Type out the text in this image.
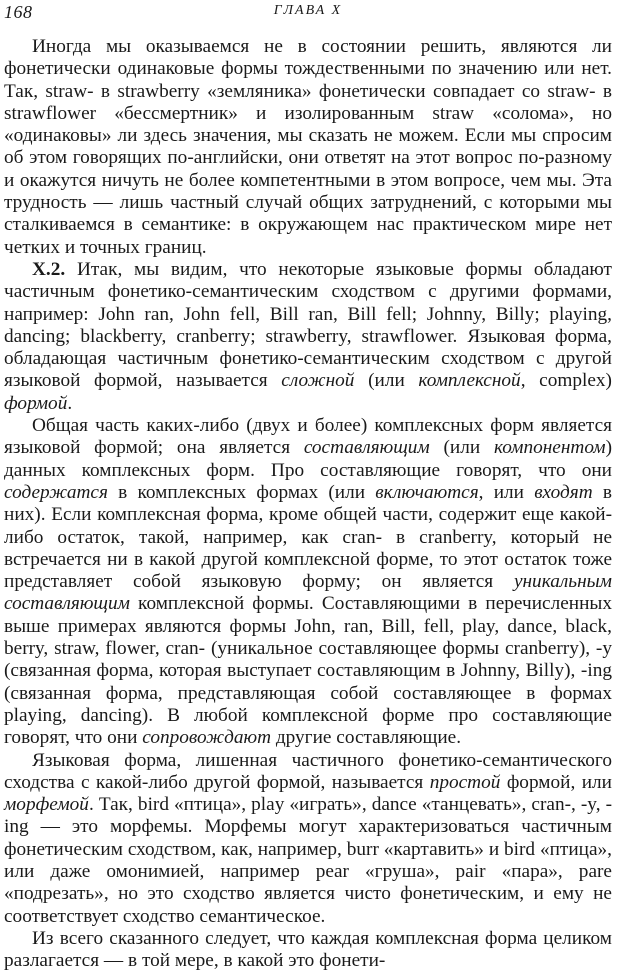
168	ГЛАВА X

Иногда мы оказываемся не в состоянии решить, являются ли фонетически одинаковые формы тождественными по значению или нет. Так, straw- в strawberry «земляника» фонетически совпадает со straw- в strawflower «бессмертник» и изолированным straw «солома», но «одинаковы» ли здесь значения, мы сказать не можем. Если мы спросим об этом говорящих по-английски, они ответят на этот вопрос по-разному и окажутся ничуть не более компетентными в этом вопросе, чем мы. Эта трудность — лишь частный случай общих затруднений, с которыми мы сталкиваемся в семантике: в окружающем нас практическом мире нет четких и точных границ.

X.2. Итак, мы видим, что некоторые языковые формы обладают частичным фонетико-семантическим сходством с другими формами, например: John ran, John fell, Bill ran, Bill fell; Johnny, Billy; playing, dancing; blackberry, cranberry; strawberry, strawflower. Языковая форма, обладающая частичным фонетико-семантическим сходством с другой языковой формой, называется сложной (или комплексной, complex) формой.

Общая часть каких-либо (двух и более) комплексных форм является языковой формой; она является составляющим (или компонентом) данных комплексных форм. Про составляющие говорят, что они содержатся в комплексных формах (или включаются, или входят в них). Если комплексная форма, кроме общей части, содержит еще какой-либо остаток, такой, например, как cran- в cranberry, который не встречается ни в какой другой комплексной форме, то этот остаток тоже представляет собой языковую форму; он является уникальным составляющим комплексной формы. Составляющими в перечисленных выше примерах являются формы John, ran, Bill, fell, play, dance, black, berry, straw, flower, cran- (уникальное составляющее формы cranberry), -y (связанная форма, которая выступает составляющим в Johnny, Billy), -ing (связанная форма, представляющая собой составляющее в формах playing, dancing). В любой комплексной форме про составляющие говорят, что они сопровождают другие составляющие.

Языковая форма, лишенная частичного фонетико-семантического сходства с какой-либо другой формой, называется простой формой, или морфемой. Так, bird «птица», play «играть», dance «танцевать», cran-, -y, -ing — это морфемы. Морфемы могут характеризоваться частичным фонетическим сходством, как, например, burr «картавить» и bird «птица», или даже омонимией, например pear «груша», pair «пара», pare «подрезать», но это сходство является чисто фонетическим, и ему не соответствует сходство семантическое.

Из всего сказанного следует, что каждая комплексная форма целиком разлагается — в той мере, в какой это фонети-
